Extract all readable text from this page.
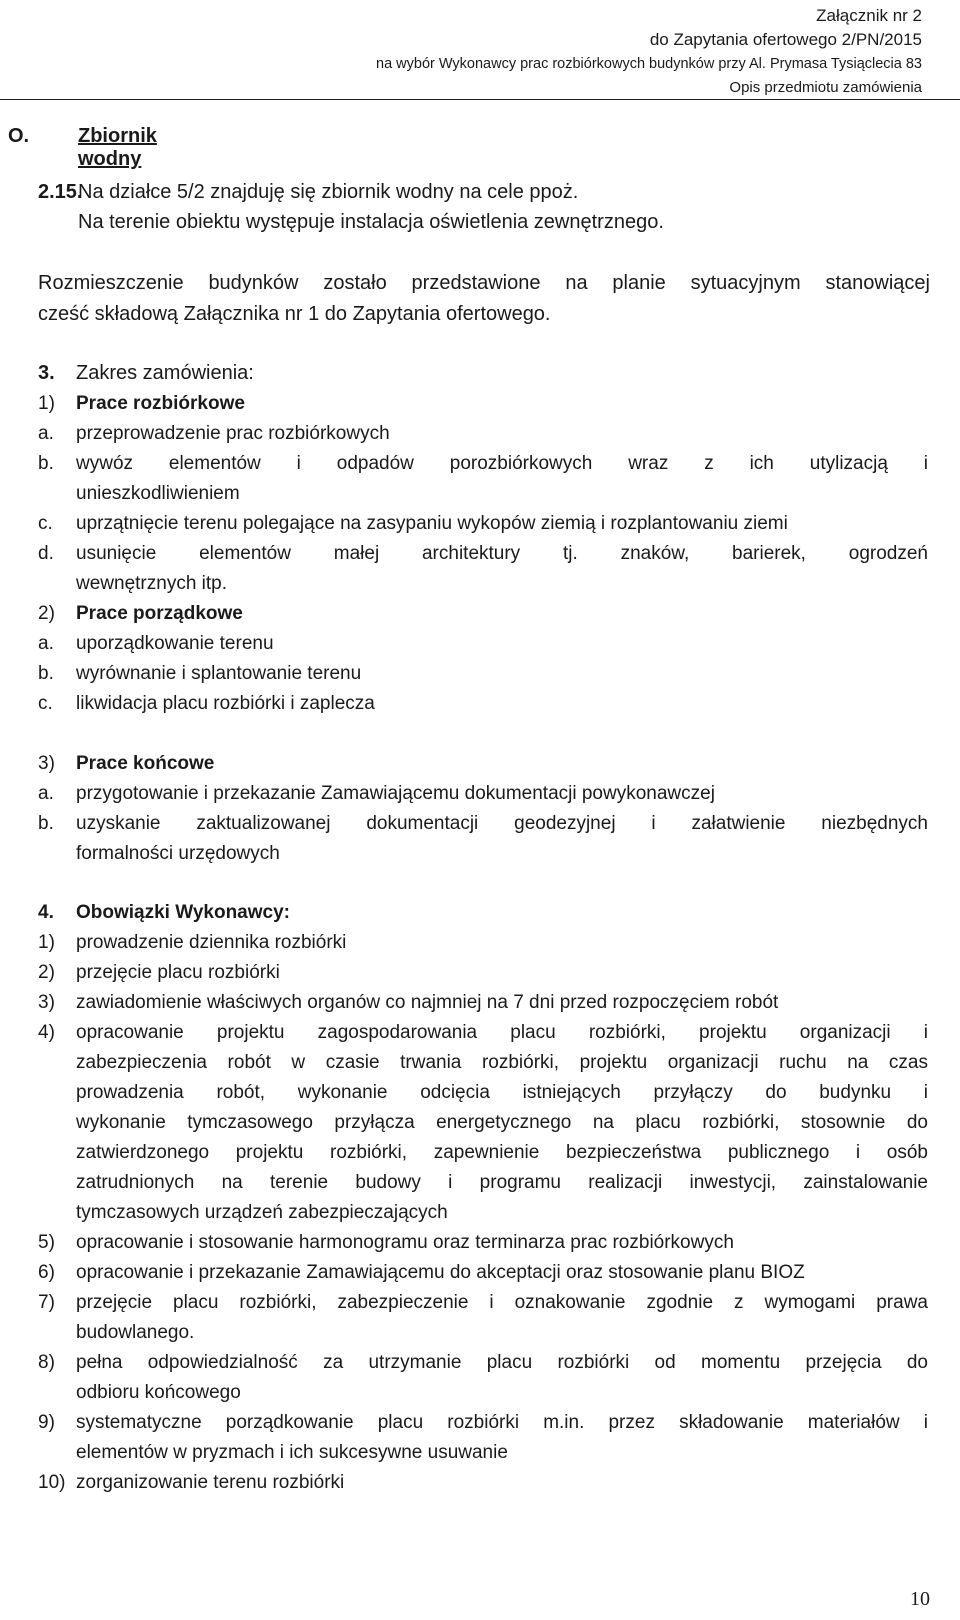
Załącznik nr 2
do Zapytania ofertowego 2/PN/2015
na wybór Wykonawcy prac rozbiórkowych budynków przy Al. Prymasa Tysiąclecia 83
Opis przedmiotu zamówienia
O. Zbiornik wodny
2.15.
Na działce 5/2 znajduję się zbiornik wodny na cele ppoż.
Na terenie obiektu występuje instalacja oświetlenia zewnętrznego.
Rozmieszczenie budynków zostało przedstawione na planie sytuacyjnym stanowiącej
cześć składową Załącznika nr 1 do Zapytania ofertowego.
3. Zakres zamówienia:
1) Prace rozbiórkowe
a. przeprowadzenie prac rozbiórkowych
b. wywóz elementów i odpadów porozbiórkowych wraz z ich utylizacją i
unieszkodliwieniem
c. uprzątnięcie terenu polegające na zasypaniu wykopów ziemią i rozplantowaniu ziemi
d. usunięcie elementów małej architektury tj. znaków, barierek, ogrodzeń
wewnętrznych itp.
2) Prace porządkowe
a. uporządkowanie terenu
b. wyrównanie i splantowanie terenu
c. likwidacja placu rozbiórki i zaplecza
3) Prace końcowe
a. przygotowanie i przekazanie Zamawiającemu dokumentacji powykonawczej
b. uzyskanie zaktualizowanej dokumentacji geodezyjnej i załatwienie niezbędnych
formalności urzędowych
4. Obowiązki Wykonawcy:
1) prowadzenie dziennika rozbiórki
2) przejęcie placu rozbiórki
3) zawiadomienie właściwych organów co najmniej na 7 dni przed rozpoczęciem robót
4) opracowanie projektu zagospodarowania placu rozbiórki, projektu organizacji i
zabezpieczenia robót w czasie trwania rozbiórki, projektu organizacji ruchu na czas
prowadzenia robót, wykonanie odcięcia istniejących przyłączy do budynku i
wykonanie tymczasowego przyłącza energetycznego na placu rozbiórki, stosownie do
zatwierdzonego projektu rozbiórki, zapewnienie bezpieczeństwa publicznego i osób
zatrudnionych na terenie budowy i programu realizacji inwestycji, zainstalowanie
tymczasowych urządzeń zabezpieczających
5) opracowanie i stosowanie harmonogramu oraz terminarza prac rozbiórkowych
6) opracowanie i przekazanie Zamawiającemu do akceptacji oraz stosowanie planu BIOZ
7) przejęcie placu rozbiórki, zabezpieczenie i oznakowanie zgodnie z wymogami prawa
budowlanego.
8) pełna odpowiedzialność za utrzymanie placu rozbiórki od momentu przejęcia do
odbioru końcowego
9) systematyczne porządkowanie placu rozbiórki m.in. przez składowanie materiałów i
elementów w pryzmach i ich sukcesywne usuwanie
10) zorganizowanie terenu rozbiórki
10
